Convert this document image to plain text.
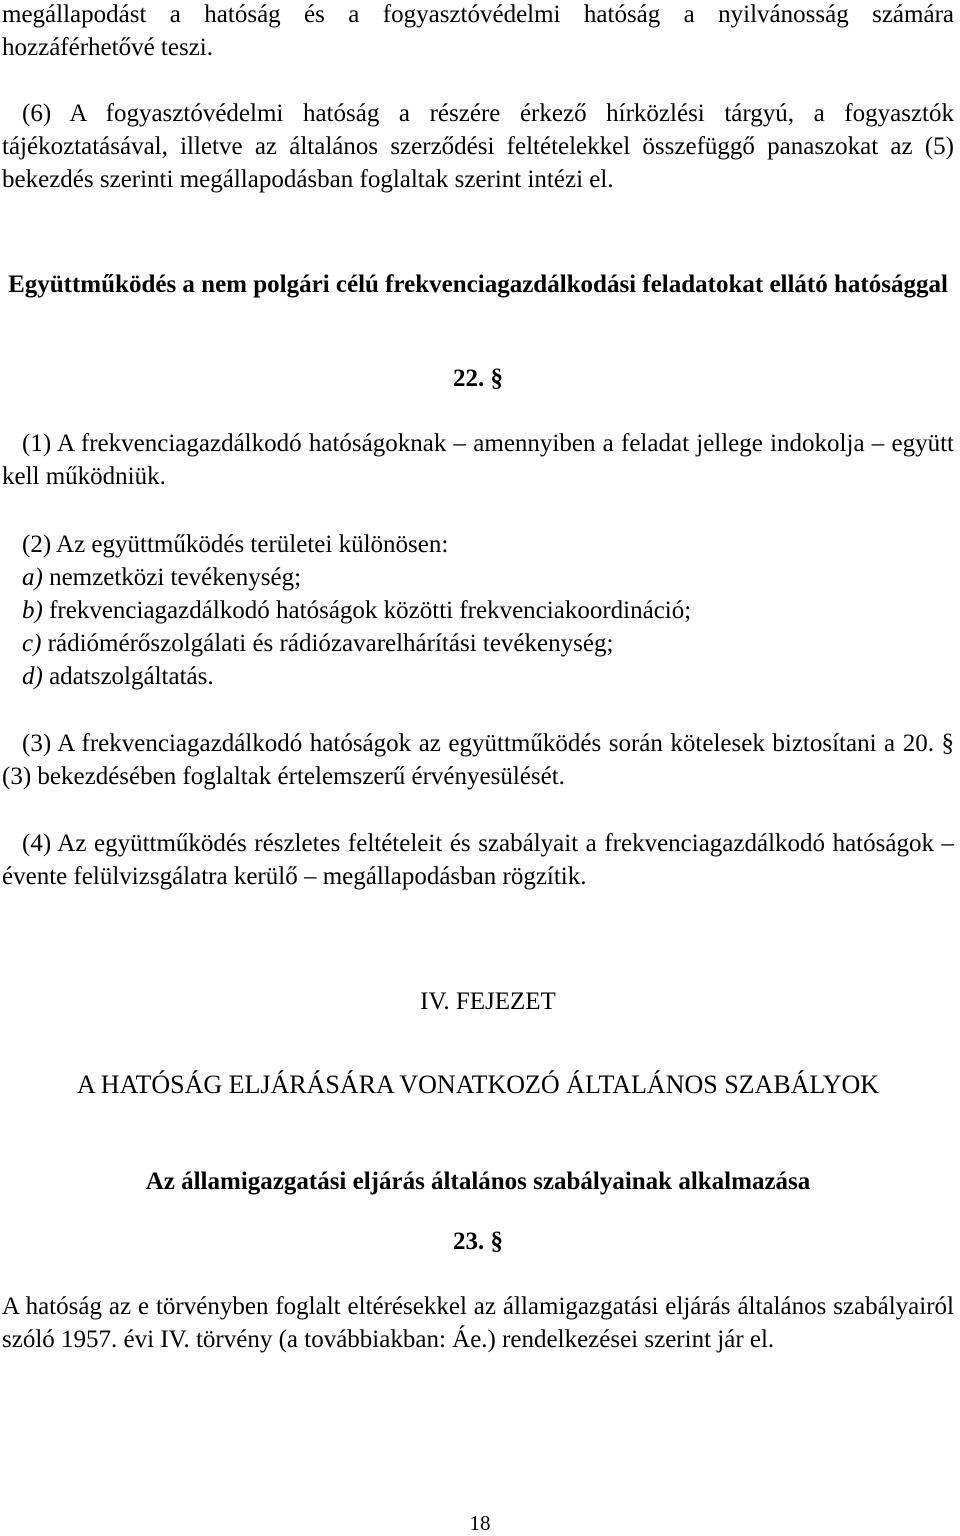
megállapodást a hatóság és a fogyasztóvédelmi hatóság a nyilvánosság számára hozzáférhetővé teszi.

(6) A fogyasztóvédelmi hatóság a részére érkező hírközlési tárgyú, a fogyasztók tájékoztatásával, illetve az általános szerződési feltételekkel összefüggő panaszokat az (5) bekezdés szerinti megállapodásban foglaltak szerint intézi el.

Együttműködés a nem polgári célú frekvenciagazdálkodási feladatokat ellátó hatósággal

22. §

(1) A frekvenciagazdálkodó hatóságoknak – amennyiben a feladat jellege indokolja – együtt kell működniük.

(2) Az együttműködés területei különösen:

a) nemzetközi tevékenység;

b) frekvenciagazdálkodó hatóságok közötti frekvenciakoordináció;

c) rádiómérőszolgálati és rádiózavarelhárítási tevékenység;

d) adatszolgáltatás.

(3) A frekvenciagazdálkodó hatóságok az együttműködés során kötelesek biztosítani a 20. § (3) bekezdésében foglaltak értelemszerű érvényesülését.

(4) Az együttműködés részletes feltételeit és szabályait a frekvenciagazdálkodó hatóságok – évente felülvizsgálatra kerülő – megállapodásban rögzítik.

IV. FEJEZET

A HATÓSÁG ELJÁRÁSÁRA VONATKOZÓ ÁLTALÁNOS SZABÁLYOK

Az államigazgatási eljárás általános szabályainak alkalmazása

23. §

A hatóság az e törvényben foglalt eltérésekkel az államigazgatási eljárás általános szabályairól szóló 1957. évi IV. törvény (a továbbiakban: Áe.) rendelkezései szerint jár el.

18
